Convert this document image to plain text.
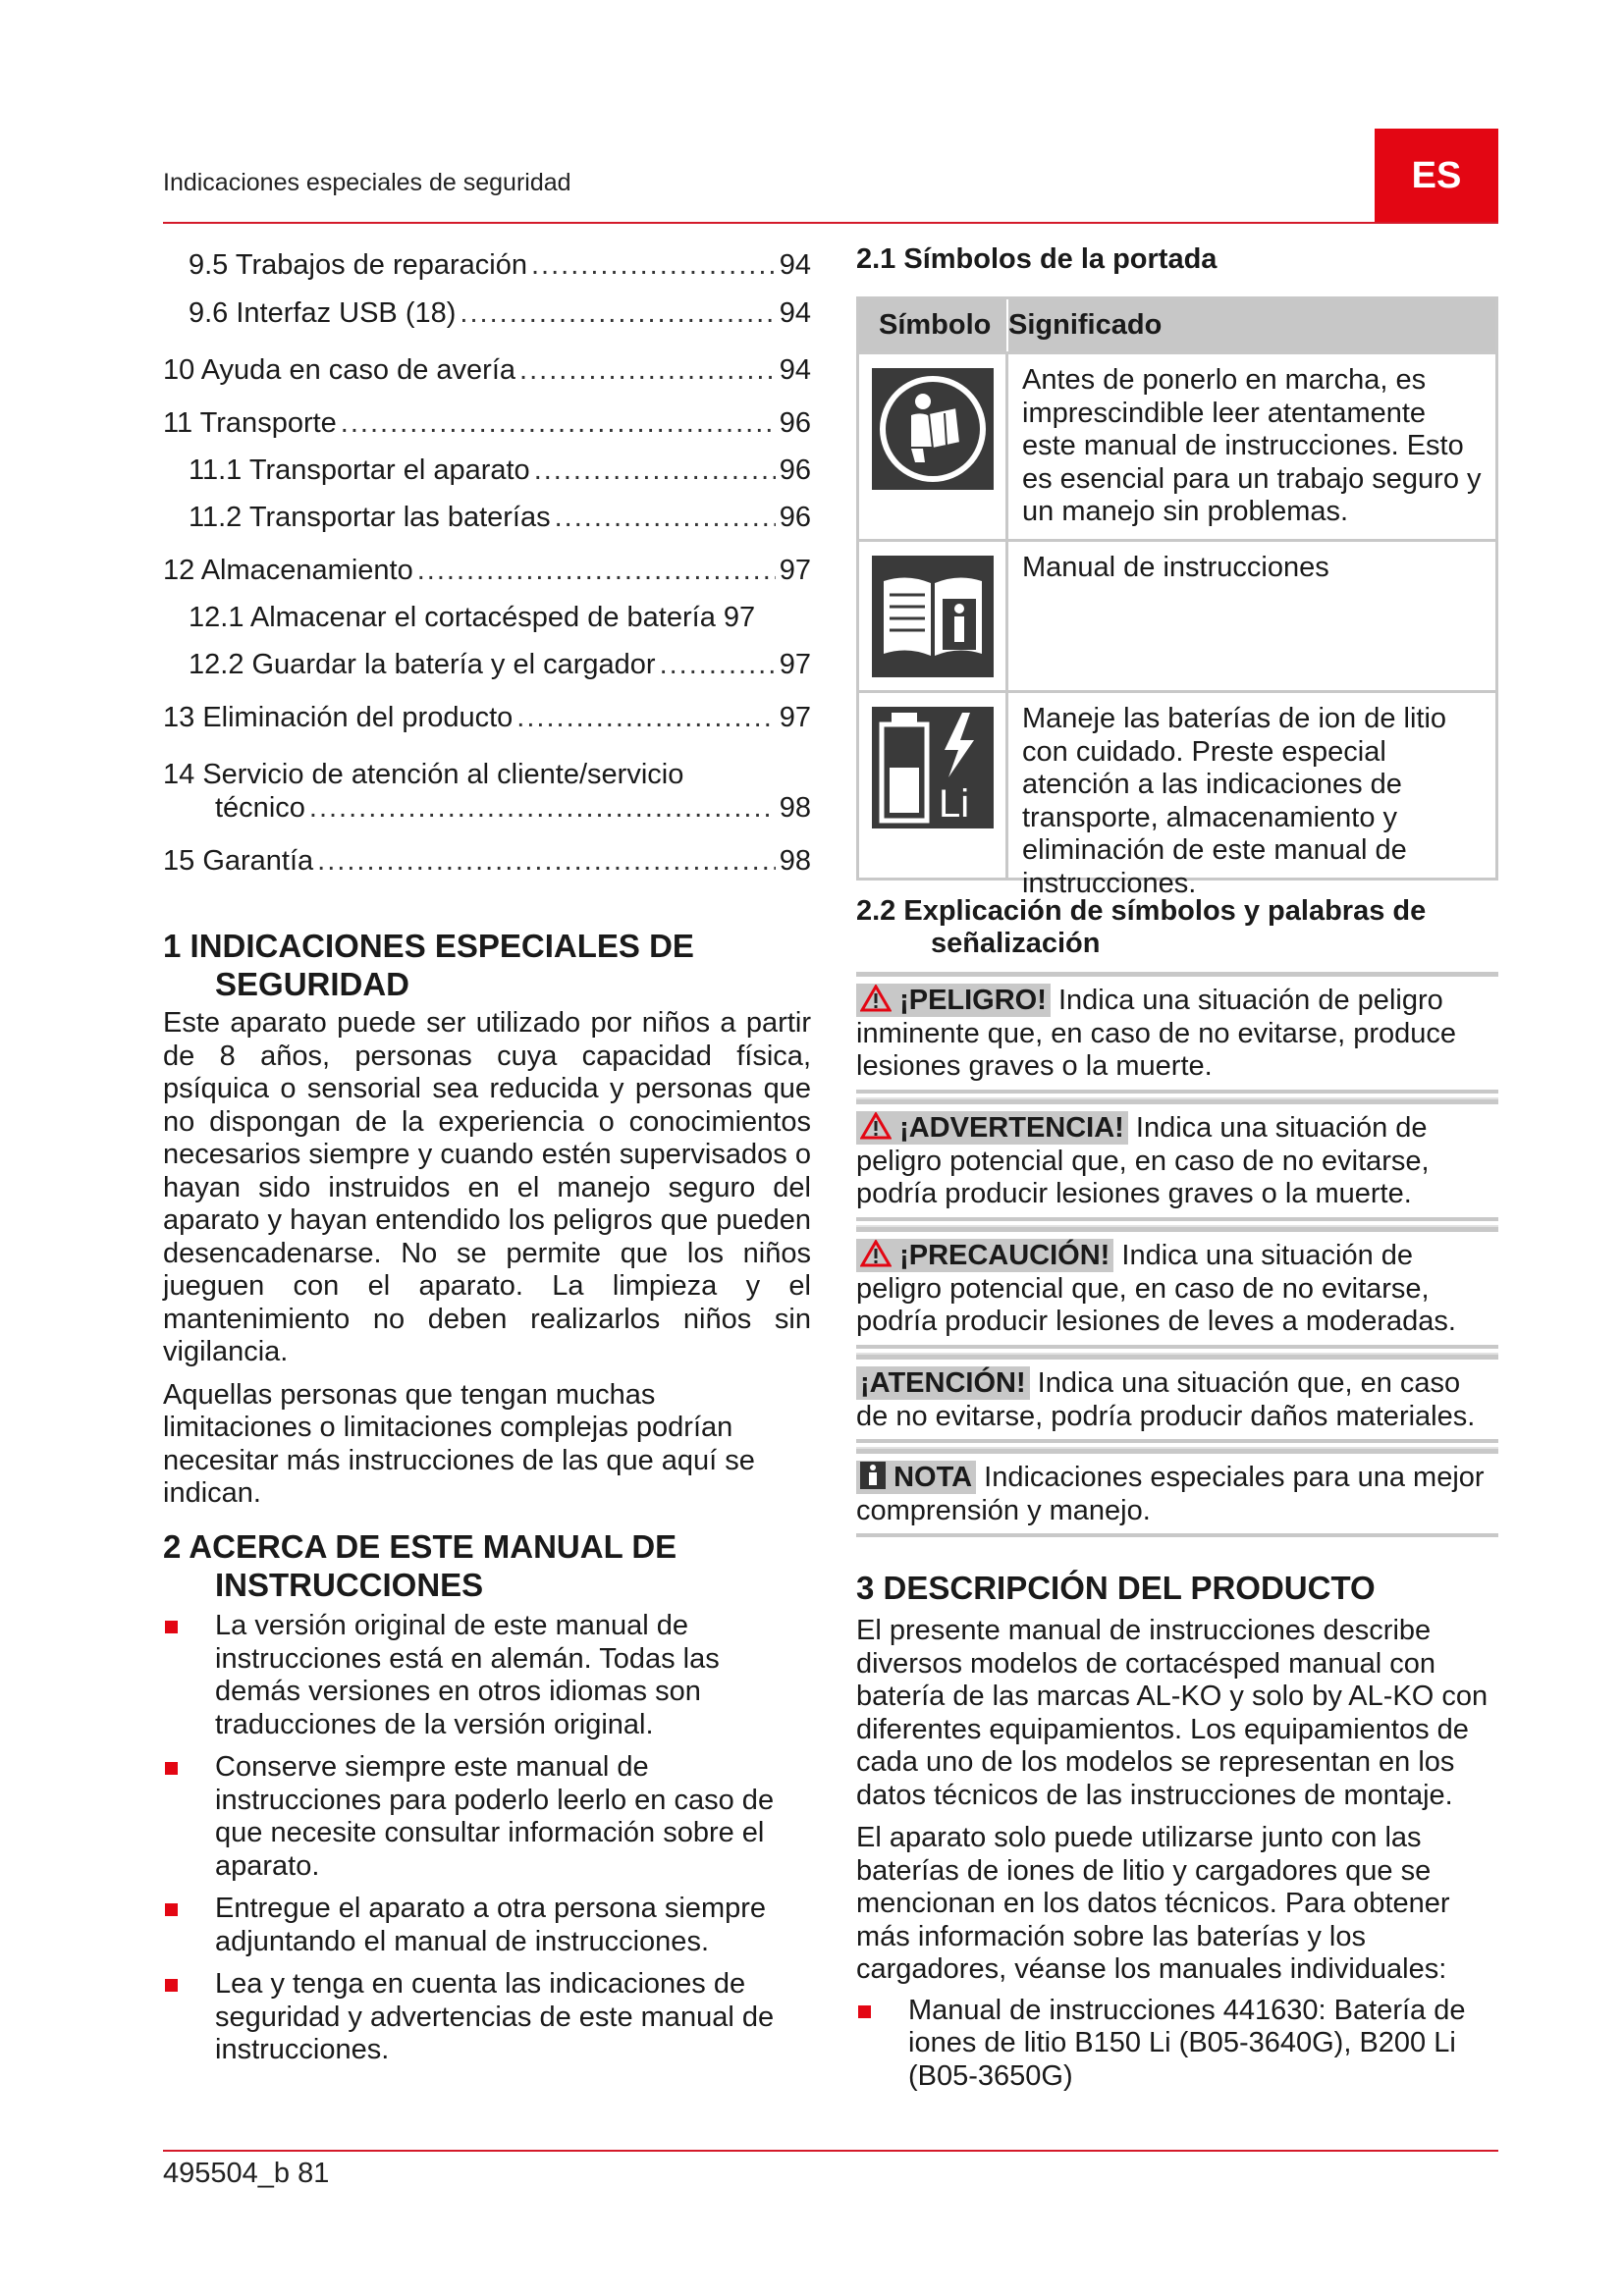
Indicaciones especiales de seguridad	ES
9.5 Trabajos de reparación .....	94
9.6 Interfaz USB (18) .....	94
10 Ayuda en caso de avería .....	94
11 Transporte .....	96
11.1 Transportar el aparato .....	96
11.2 Transportar las baterías .....	96
12 Almacenamiento .....	97
12.1 Almacenar el cortacésped de batería 97
12.2 Guardar la batería y el cargador .....	97
13 Eliminación del producto .....	97
14 Servicio de atención al cliente/servicio
técnico .....	98
15 Garantía .....	98
1 INDICACIONES ESPECIALES DE
SEGURIDAD

Este aparato puede ser utilizado por niños a partir de 8 años, personas cuya capacidad física, psíquica o sensorial sea reducida y personas que no dispongan de la experiencia o conocimientos necesarios siempre y cuando estén supervisados o hayan sido instruidos en el manejo seguro del aparato y hayan entendido los peligros que pueden desencadenarse. No se permite que los niños jueguen con el aparato. La limpieza y el mantenimiento no deben realizarlos niños sin vigilancia.

Aquellas personas que tengan muchas limitaciones o limitaciones complejas podrían necesitar más instrucciones de las que aquí se indican.

2 ACERCA DE ESTE MANUAL DE
INSTRUCCIONES
La versión original de este manual de instrucciones está en alemán. Todas las demás versiones en otros idiomas son traducciones de la versión original.
Conserve siempre este manual de instrucciones para poderlo leerlo en caso de que necesite consultar información sobre el aparato.
Entregue el aparato a otra persona siempre adjuntando el manual de instrucciones.
Lea y tenga en cuenta las indicaciones de seguridad y advertencias de este manual de instrucciones.
2.1 Símbolos de la portada
Símbolo Significado
Antes de ponerlo en marcha, es imprescindible leer atentamente este manual de instrucciones. Esto es esencial para un trabajo seguro y un manejo sin problemas.
Manual de instrucciones
Li
Maneje las baterías de ion de litio con cuidado. Preste especial atención a las indicaciones de transporte, almacenamiento y eliminación de este manual de instrucciones.
2.2 Explicación de símbolos y palabras de
señalización
¡PELIGRO! Indica una situación de peligro inminente que, en caso de no evitarse, produce lesiones graves o la muerte.
¡ADVERTENCIA! Indica una situación de peligro potencial que, en caso de no evitarse, podría producir lesiones graves o la muerte.
¡PRECAUCIÓN! Indica una situación de peligro potencial que, en caso de no evitarse, podría producir lesiones de leves a moderadas.
¡ATENCIÓN! Indica una situación que, en caso de no evitarse, podría producir daños materiales.
NOTA Indicaciones especiales para una mejor comprensión y manejo.
3 DESCRIPCIÓN DEL PRODUCTO

El presente manual de instrucciones describe diversos modelos de cortacésped manual con batería de las marcas AL-KO y solo by AL-KO con diferentes equipamientos. Los equipamientos de cada uno de los modelos se representan en los datos técnicos de las instrucciones de montaje.

El aparato solo puede utilizarse junto con las baterías de iones de litio y cargadores que se mencionan en los datos técnicos. Para obtener más información sobre las baterías y los cargadores, véanse los manuales individuales:

Manual de instrucciones 441630: Batería de iones de litio B150 Li (B05-3640G), B200 Li (B05-3650G)
495504_b 81
